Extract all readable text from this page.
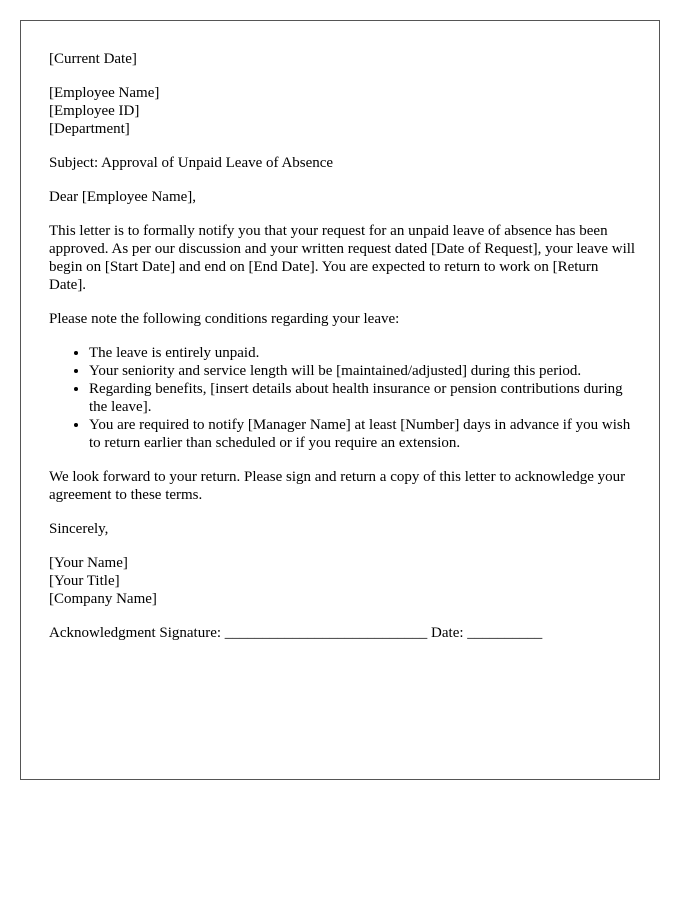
[Current Date]

[Employee Name]

[Employee ID]

[Department]

Subject: Approval of Unpaid Leave of Absence

Dear [Employee Name],

This letter is to formally notify you that your request for an unpaid leave of absence has been approved. As per our discussion and your written request dated [Date of Request], your leave will begin on [Start Date] and end on [End Date]. You are expected to return to work on [Return Date].

Please note the following conditions regarding your leave:

• The leave is entirely unpaid.
• Your seniority and service length will be [maintained/adjusted] during this period.
• Regarding benefits, [insert details about health insurance or pension contributions during the leave].
• You are required to notify [Manager Name] at least [Number] days in advance if you wish to return earlier than scheduled or if you require an extension.

We look forward to your return. Please sign and return a copy of this letter to acknowledge your agreement to these terms.

Sincerely,

[Your Name]

[Your Title]

[Company Name]

Acknowledgment Signature: ___________________________ Date: __________
